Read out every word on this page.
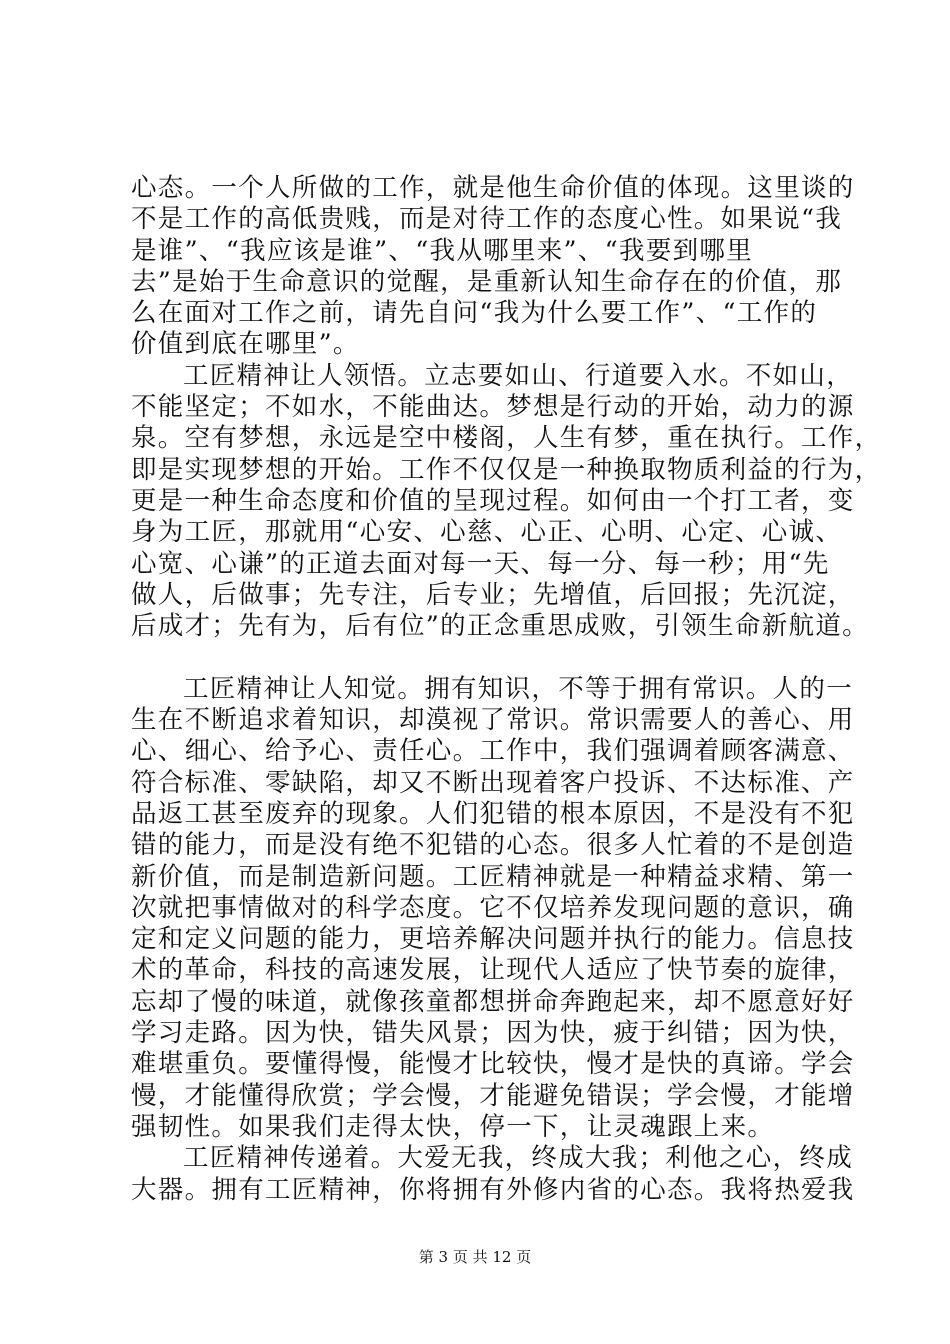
心态。一个人所做的工作，就是他生命价值的体现。这里谈的
不是工作的高低贵贱，而是对待工作的态度心性。如果说“我
是谁”、“我应该是谁”、“我从哪里来”、“我要到哪里
去”是始于生命意识的觉醒，是重新认知生命存在的价值，那
么在面对工作之前，请先自问“我为什么要工作”、“工作的
价值到底在哪里”。
工匠精神让人领悟。立志要如山、行道要入水。不如山，
不能坚定；不如水，不能曲达。梦想是行动的开始，动力的源
泉。空有梦想，永远是空中楼阁，人生有梦，重在执行。工作，
即是实现梦想的开始。工作不仅仅是一种换取物质利益的行为，
更是一种生命态度和价值的呈现过程。如何由一个打工者，变
身为工匠，那就用“心安、心慈、心正、心明、心定、心诚、
心宽、心谦”的正道去面对每一天、每一分、每一秒；用“先
做人，后做事；先专注，后专业；先增值，后回报；先沉淀，
后成才；先有为，后有位”的正念重思成败，引领生命新航道。
工匠精神让人知觉。拥有知识，不等于拥有常识。人的一
生在不断追求着知识，却漠视了常识。常识需要人的善心、用
心、细心、给予心、责任心。工作中，我们强调着顾客满意、
符合标准、零缺陷，却又不断出现着客户投诉、不达标准、产
品返工甚至废弃的现象。人们犯错的根本原因，不是没有不犯
错的能力，而是没有绝不犯错的心态。很多人忙着的不是创造
新价值，而是制造新问题。工匠精神就是一种精益求精、第一
次就把事情做对的科学态度。它不仅培养发现问题的意识，确
定和定义问题的能力，更培养解决问题并执行的能力。信息技
术的革命，科技的高速发展，让现代人适应了快节奏的旋律，
忘却了慢的味道，就像孩童都想拼命奔跑起来，却不愿意好好
学习走路。因为快，错失风景；因为快，疲于纠错；因为快，
难堪重负。要懂得慢，能慢才比较快，慢才是快的真谛。学会
慢，才能懂得欣赏；学会慢，才能避免错误；学会慢，才能增
强韧性。如果我们走得太快，停一下，让灵魂跟上来。
工匠精神传递着。大爱无我，终成大我；利他之心，终成
大器。拥有工匠精神，你将拥有外修内省的心态。我将热爱我
第 3 页 共 12 页
